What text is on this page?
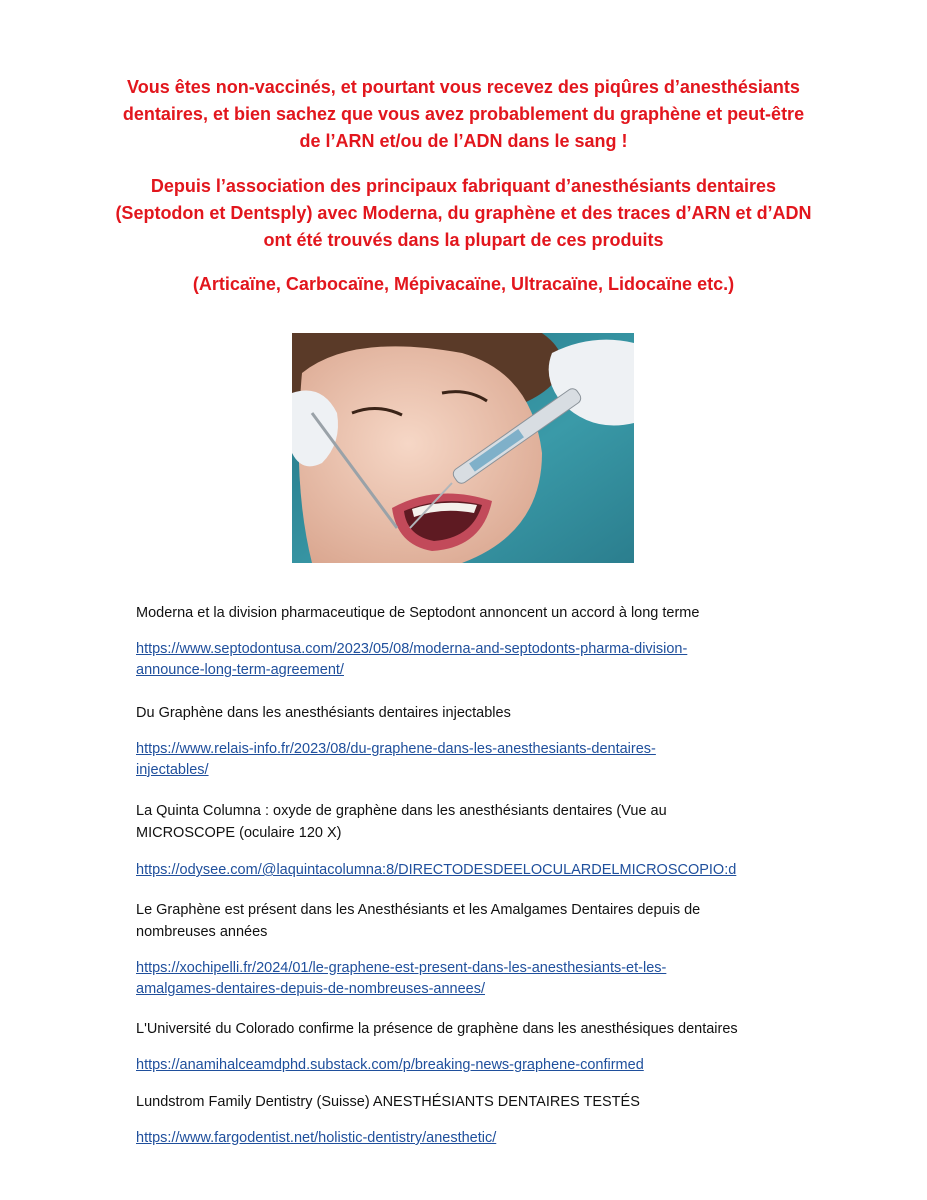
Vous êtes non-vaccinés, et pourtant vous recevez des piqûres d’anesthésiants dentaires, et bien sachez que vous avez probablement du graphène et peut-être de l’ARN et/ou de l’ADN dans le sang !

Depuis l’association des principaux fabriquant d’anesthésiants dentaires (Septodon et Dentsply) avec Moderna, du graphène et des traces d’ARN et d’ADN ont été trouvés dans la plupart de ces produits

(Articaïne, Carbocaïne, Mépivacaïne, Ultracaïne, Lidocaïne etc.)

Moderna et la division pharmaceutique de Septodont annoncent un accord à long terme

https://www.septodontusa.com/2023/05/08/moderna-and-septodonts-pharma-division-
announce-long-term-agreement/

Du Graphène dans les anesthésiants dentaires injectables

https://www.relais-info.fr/2023/08/du-graphene-dans-les-anesthesiants-dentaires-
injectables/

La Quinta Columna : oxyde de graphène dans les anesthésiants dentaires (Vue au

MICROSCOPE (oculaire 120 X)

https://odysee.com/@laquintacolumna:8/DIRECTODESDEELOCULARDELMICROSCOPIO:d

Le Graphène est présent dans les Anesthésiants et les Amalgames Dentaires depuis de

nombreuses années

https://xochipelli.fr/2024/01/le-graphene-est-present-dans-les-anesthesiants-et-les-
amalgames-dentaires-depuis-de-nombreuses-annees/

L'Université du Colorado confirme la présence de graphène dans les anesthésiques dentaires

https://anamihalceamdphd.substack.com/p/breaking-news-graphene-confirmed

Lundstrom Family Dentistry (Suisse) ANESTHÉSIANTS DENTAIRES TESTÉS

https://www.fargodentist.net/holistic-dentistry/anesthetic/
